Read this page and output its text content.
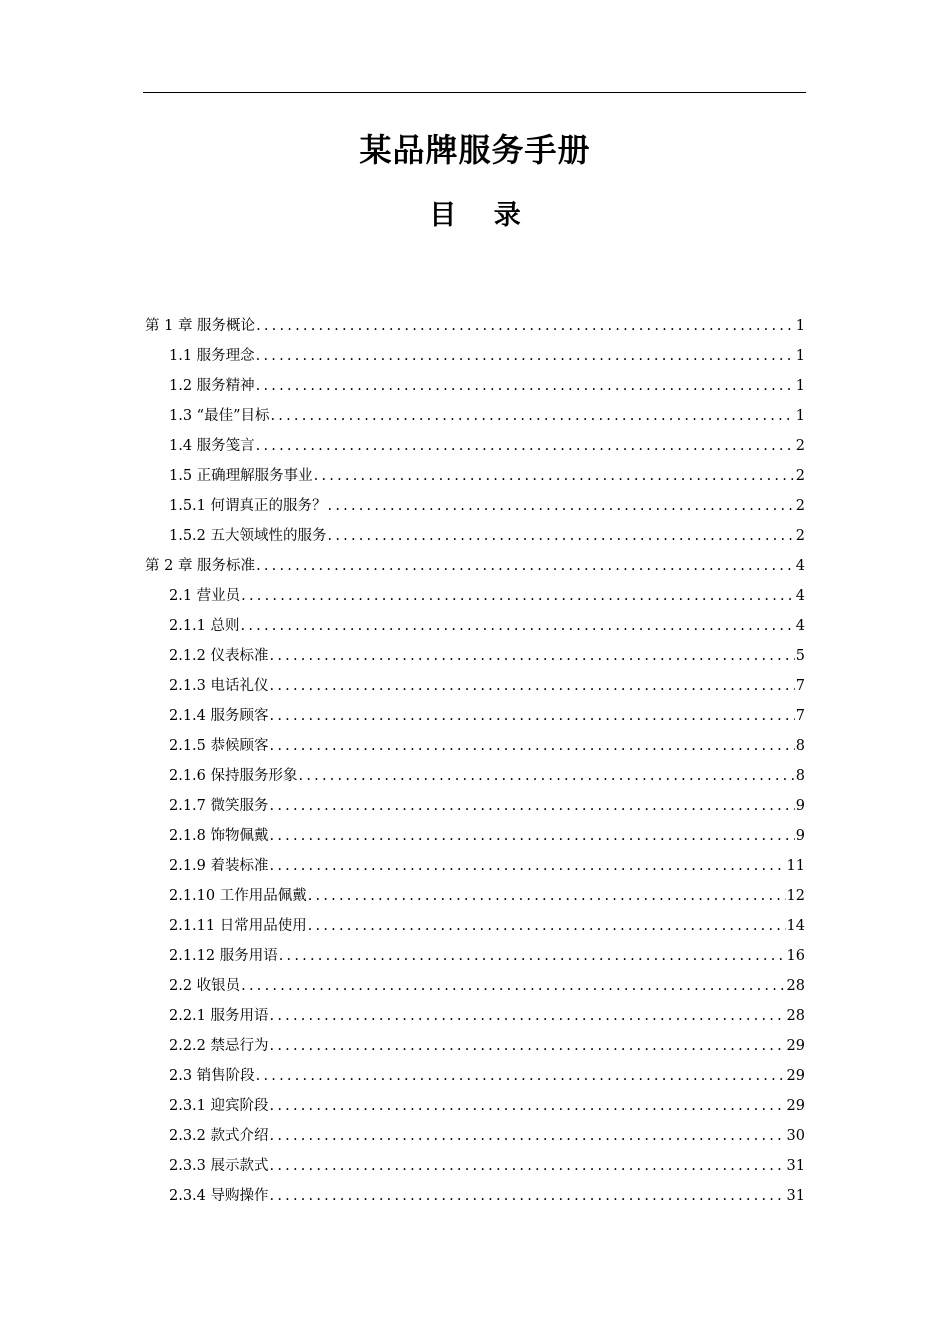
某品牌服务手册
目    录
第 1 章 服务概论 .....	1
1.1 服务理念 .....	1
1.2 服务精神 .....	1
1.3 “最佳”目标 .....	1
1.4 服务笺言 .....	2
1.5 正确理解服务事业 .....	2
1.5.1 何谓真正的服务？ .....	2
1.5.2 五大领域性的服务 .....	2
第 2 章 服务标准 .....	4
2.1 营业员 .....	4
2.1.1 总则 .....	4
2.1.2 仪表标准 .....	5
2.1.3 电话礼仪 .....	7
2.1.4 服务顾客 .....	7
2.1.5 恭候顾客 .....	8
2.1.6 保持服务形象 .....	8
2.1.7 微笑服务 .....	9
2.1.8 饰物佩戴 .....	9
2.1.9 着装标准 .....	11
2.1.10 工作用品佩戴 .....	12
2.1.11 日常用品使用 .....	14
2.1.12 服务用语 .....	16
2.2 收银员 .....	28
2.2.1 服务用语 .....	28
2.2.2 禁忌行为 .....	29
2.3 销售阶段 .....	29
2.3.1 迎宾阶段 .....	29
2.3.2 款式介绍 .....	30
2.3.3 展示款式 .....	31
2.3.4 导购操作 .....	31
